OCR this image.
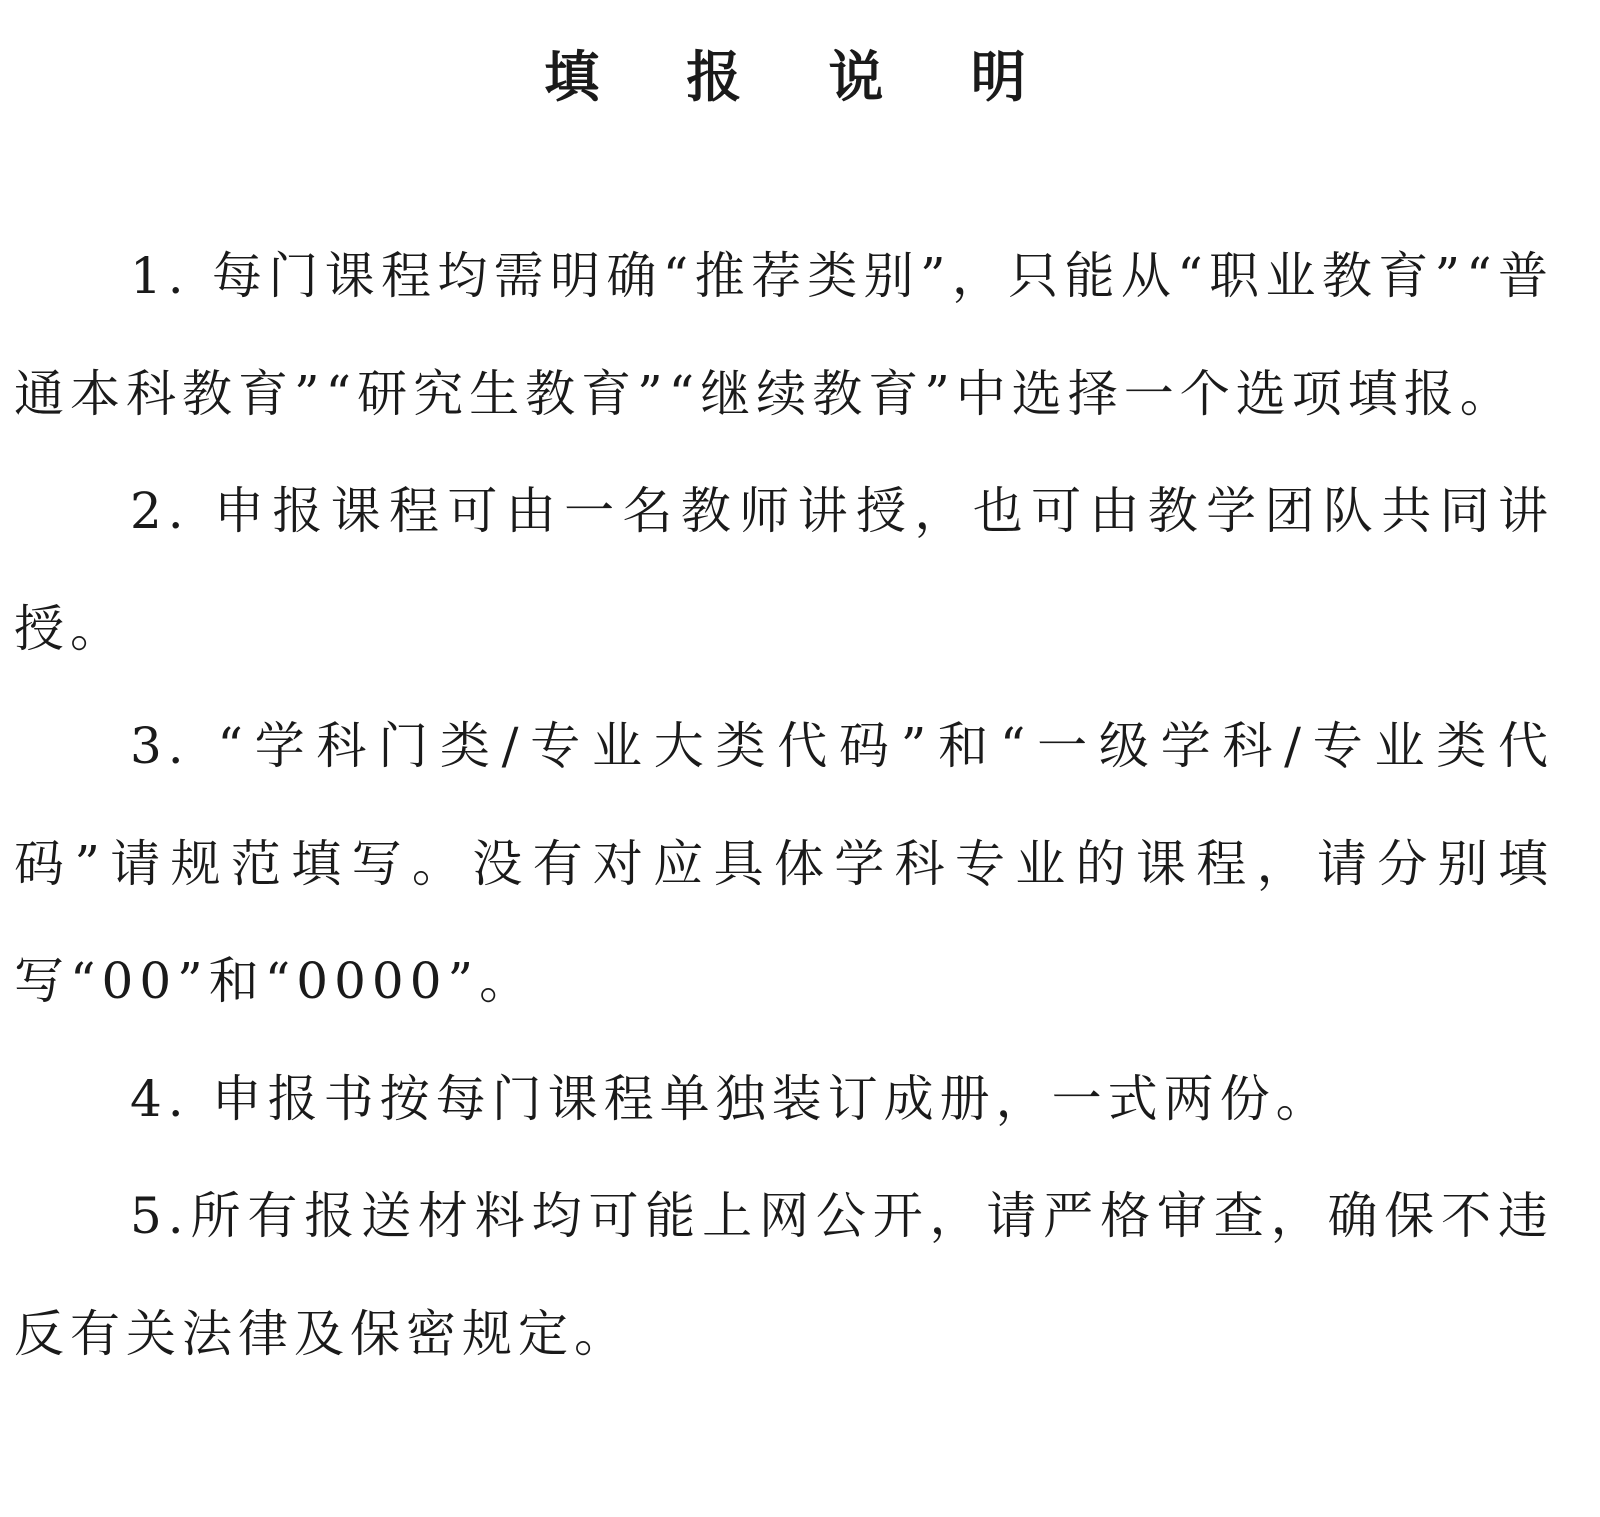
填 报 说 明

1. 每门课程均需明确“推荐类别”，只能从“职业教育”“普通本科教育”“研究生教育”“继续教育”中选择一个选项填报。

2. 申报课程可由一名教师讲授，也可由教学团队共同讲授。

3. “学科门类/专业大类代码”和“一级学科/专业类代码”请规范填写。没有对应具体学科专业的课程，请分别填写“00”和“0000”。

4. 申报书按每门课程单独装订成册，一式两份。

5.所有报送材料均可能上网公开，请严格审查，确保不违反有关法律及保密规定。
